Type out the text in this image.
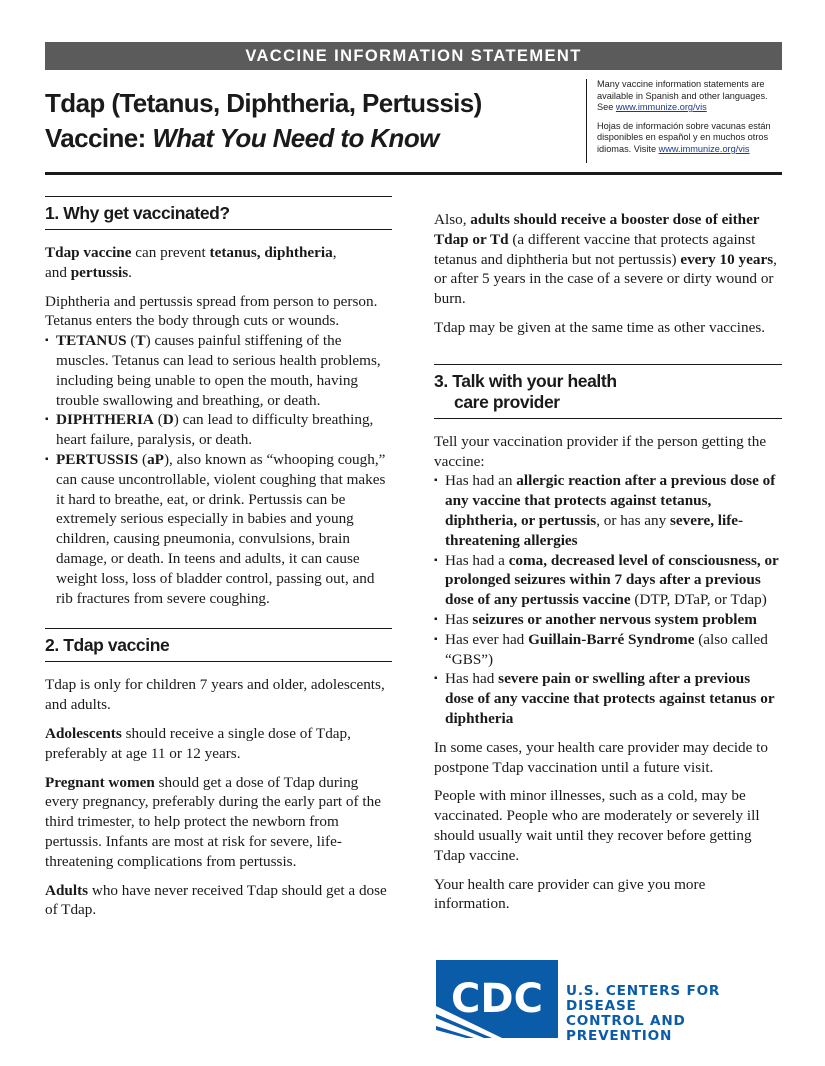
VACCINE INFORMATION STATEMENT
Tdap (Tetanus, Diphtheria, Pertussis)
Vaccine: What You Need to Know

Many vaccine information statements are available in Spanish and other languages. See www.immunize.org/vis

Hojas de información sobre vacunas están disponibles en español y en muchos otros idiomas. Visite www.immunize.org/vis

1. Why get vaccinated?

Tdap vaccine can prevent tetanus, diphtheria,
and pertussis.

Diphtheria and pertussis spread from person to person. Tetanus enters the body through cuts or wounds.

▪ TETANUS (T) causes painful stiffening of the muscles. Tetanus can lead to serious health problems, including being unable to open the mouth, having trouble swallowing and breathing, or death.
▪ DIPHTHERIA (D) can lead to difficulty breathing, heart failure, paralysis, or death.
▪ PERTUSSIS (aP), also known as “whooping cough,” can cause uncontrollable, violent coughing that makes it hard to breathe, eat, or drink. Pertussis can be extremely serious especially in babies and young children, causing pneumonia, convulsions, brain damage, or death. In teens and adults, it can cause weight loss, loss of bladder control, passing out, and rib fractures from severe coughing.
2. Tdap vaccine

Tdap is only for children 7 years and older, adolescents, and adults.

Adolescents should receive a single dose of Tdap, preferably at age 11 or 12 years.

Pregnant women should get a dose of Tdap during every pregnancy, preferably during the early part of the third trimester, to help protect the newborn from pertussis. Infants are most at risk for severe, life-threatening complications from pertussis.

Adults who have never received Tdap should get a dose of Tdap.

Also, adults should receive a booster dose of either Tdap or Td (a different vaccine that protects against tetanus and diphtheria but not pertussis) every 10 years, or after 5 years in the case of a severe or dirty wound or burn.

Tdap may be given at the same time as other vaccines.

3. Talk with your health
care provider

Tell your vaccination provider if the person getting the vaccine:

▪ Has had an allergic reaction after a previous dose of any vaccine that protects against tetanus, diphtheria, or pertussis, or has any severe, life-threatening allergies
▪ Has had a coma, decreased level of consciousness, or prolonged seizures within 7 days after a previous dose of any pertussis vaccine (DTP, DTaP, or Tdap)
▪ Has seizures or another nervous system problem
▪ Has ever had Guillain-Barré Syndrome (also called “GBS”)
▪ Has had severe pain or swelling after a previous dose of any vaccine that protects against tetanus or diphtheria

In some cases, your health care provider may decide to postpone Tdap vaccination until a future visit.

People with minor illnesses, such as a cold, may be vaccinated. People who are moderately or severely ill should usually wait until they recover before getting Tdap vaccine.

Your health care provider can give you more information.

CDC U.S. CENTERS FOR DISEASE
CONTROL AND PREVENTION
